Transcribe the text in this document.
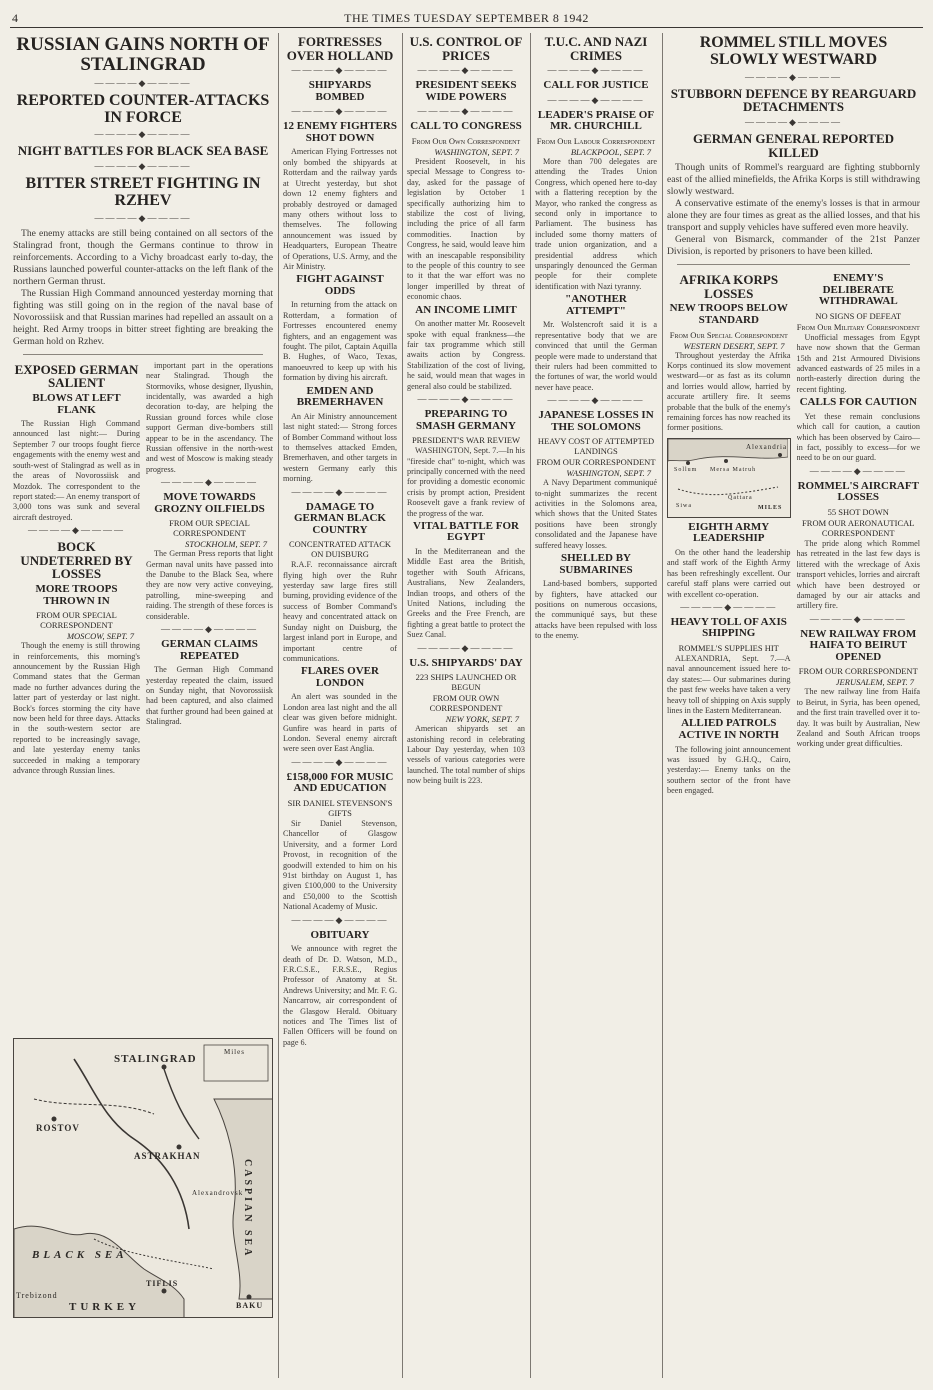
4	THE TIMES TUESDAY SEPTEMBER 8 1942
RUSSIAN GAINS NORTH OF STALINGRAD
————◆————
REPORTED COUNTER-ATTACKS IN FORCE
————◆————
NIGHT BATTLES FOR BLACK SEA BASE
————◆————
BITTER STREET FIGHTING IN RZHEV
————◆————

The enemy attacks are still being contained on all sectors of the Stalingrad front, though the Germans continue to throw in reinforcements. According to a Vichy broadcast early to-day, the Russians launched powerful counter-attacks on the left flank of the northern German thrust.

The Russian High Command announced yesterday morning that fighting was still going on in the region of the naval base of Novorossiisk and that Russian marines had repelled an assault on a height. Red Army troops in bitter street fighting are breaking the German hold on Rzhev.

EXPOSED GERMAN SALIENT
BLOWS AT LEFT FLANK

The Russian High Command announced last night:— During September 7 our troops fought fierce engagements with the enemy west and south-west of Stalingrad as well as in the areas of Novorossiisk and Mozdok. The correspondent to the report stated:— An enemy transport of 3,000 tons was sunk and several aircraft destroyed.

————◆————
BOCK UNDETERRED BY LOSSES
MORE TROOPS THROWN IN
FROM OUR SPECIAL CORRESPONDENT
MOSCOW, SEPT. 7

Though the enemy is still throwing in reinforcements, this morning's announcement by the Russian High Command states that the German made no further advances during the latter part of yesterday or last night. Bock's forces storming the city have now been held for three days. Attacks in the south-western sector are reported to be increasingly savage, and late yesterday enemy tanks succeeded in making a temporary advance through Russian lines.

important part in the operations near Stalingrad. Though the Stormoviks, whose designer, Ilyushin, incidentally, was awarded a high decoration to-day, are helping the Russian ground forces while close support German dive-bombers still appear to be in the ascendancy. The Russian offensive in the north-west and west of Moscow is making steady progress.

————◆————
MOVE TOWARDS GROZNY OILFIELDS
FROM OUR SPECIAL CORRESPONDENT
STOCKHOLM, SEPT. 7

The German Press reports that light German naval units have passed into the Danube to the Black Sea, where they are now very active conveying, patrolling, mine-sweeping and raiding. The strength of these forces is considerable.

————◆————
GERMAN CLAIMS REPEATED

The German High Command yesterday repeated the claim, issued on Sunday night, that Novorossiisk had been captured, and also claimed that further ground had been gained at Stalingrad.

STALINGRAD
ROSTOV
ASTRAKHAN
BLACK SEA	CASPIAN SEA
TURKEY	BAKU
TIFLIS
Trebizond
Alexandrovsk
Miles
FORTRESSES OVER HOLLAND
————◆————
SHIPYARDS BOMBED
————◆————
12 ENEMY FIGHTERS SHOT DOWN

American Flying Fortresses not only bombed the shipyards at Rotterdam and the railway yards at Utrecht yesterday, but shot down 12 enemy fighters and probably destroyed or damaged many others without loss to themselves. The following announcement was issued by Headquarters, European Theatre of Operations, U.S. Army, and the Air Ministry.

FIGHT AGAINST ODDS

In returning from the attack on Rotterdam, a formation of Fortresses encountered enemy fighters, and an engagement was fought. The pilot, Captain Aquilla B. Hughes, of Waco, Texas, manoeuvred to keep up with his formation by diving his aircraft.

EMDEN AND BREMERHAVEN

An Air Ministry announcement last night stated:— Strong forces of Bomber Command without loss to themselves attacked Emden, Bremerhaven, and other targets in western Germany early this morning.

————◆————
DAMAGE TO GERMAN BLACK COUNTRY
CONCENTRATED ATTACK ON DUISBURG

R.A.F. reconnaissance aircraft flying high over the Ruhr yesterday saw large fires still burning, providing evidence of the success of Bomber Command's heavy and concentrated attack on Sunday night on Duisburg, the largest inland port in Europe, and important centre of communications.

FLARES OVER LONDON

An alert was sounded in the London area last night and the all clear was given before midnight. Gunfire was heard in parts of London. Several enemy aircraft were seen over East Anglia.

————◆————
£158,000 FOR MUSIC AND EDUCATION
SIR DANIEL STEVENSON'S GIFTS

Sir Daniel Stevenson, Chancellor of Glasgow University, and a former Lord Provost, in recognition of the goodwill extended to him on his 91st birthday on August 1, has given £100,000 to the University and £50,000 to the Scottish National Academy of Music.

————◆————
OBITUARY

We announce with regret the death of Dr. D. Watson, M.D., F.R.C.S.E., F.R.S.E., Regius Professor of Anatomy at St. Andrews University; and Mr. F. G. Nancarrow, air correspondent of the Glasgow Herald. Obituary notices and The Times list of Fallen Officers will be found on page 6.

U.S. CONTROL OF PRICES
————◆————
PRESIDENT SEEKS WIDE POWERS
————◆————
CALL TO CONGRESS
From Our Own Correspondent
WASHINGTON, SEPT. 7

President Roosevelt, in his special Message to Congress to-day, asked for the passage of legislation by October 1 specifically authorizing him to stabilize the cost of living, including the price of all farm commodities. Inaction by Congress, he said, would leave him with an inescapable responsibility to the people of this country to see to it that the war effort was no longer imperilled by threat of economic chaos.

AN INCOME LIMIT

On another matter Mr. Roosevelt spoke with equal frankness—the fair tax programme which still awaits action by Congress. Stabilization of the cost of living, he said, would mean that wages in general also could be stabilized.

————◆————
PREPARING TO SMASH GERMANY
PRESIDENT'S WAR REVIEW

WASHINGTON, Sept. 7.—In his "fireside chat" to-night, which was principally concerned with the need for providing a domestic economic crisis by prompt action, President Roosevelt gave a frank review of the progress of the war.

VITAL BATTLE FOR EGYPT

In the Mediterranean and the Middle East area the British, together with South Africans, Australians, New Zealanders, Indian troops, and others of the United Nations, including the Greeks and the Free French, are fighting a great battle to protect the Suez Canal.

————◆————
U.S. SHIPYARDS' DAY
223 SHIPS LAUNCHED OR BEGUN
FROM OUR OWN CORRESPONDENT
NEW YORK, SEPT. 7

American shipyards set an astonishing record in celebrating Labour Day yesterday, when 103 vessels of various categories were launched. The total number of ships now being built is 223.

T.U.C. AND NAZI CRIMES
————◆————
CALL FOR JUSTICE
————◆————
LEADER'S PRAISE OF MR. CHURCHILL
From Our Labour Correspondent
BLACKPOOL, SEPT. 7

More than 700 delegates are attending the Trades Union Congress, which opened here to-day with a flattering reception by the Mayor, who ranked the congress as second only in importance to Parliament. The business has included some thorny matters of trade union organization, and a presidential address which unsparingly denounced the German people for their complete identification with Nazi tyranny.

"ANOTHER ATTEMPT"

Mr. Wolstencroft said it is a representative body that we are convinced that until the German people were made to understand that their rulers had been committed to the fortunes of war, the world would never have peace.

————◆————
JAPANESE LOSSES IN THE SOLOMONS
HEAVY COST OF ATTEMPTED LANDINGS
FROM OUR CORRESPONDENT
WASHINGTON, SEPT. 7

A Navy Department communiqué to-night summarizes the recent activities in the Solomons area, which shows that the United States positions have been strongly consolidated and the Japanese have suffered heavy losses.

SHELLED BY SUBMARINES

Land-based bombers, supported by fighters, have attacked our positions on numerous occasions, the communiqué says, but these attacks have been repulsed with loss to the enemy.

ROMMEL STILL MOVES SLOWLY WESTWARD
————◆————
STUBBORN DEFENCE BY REARGUARD DETACHMENTS
————◆————
GERMAN GENERAL REPORTED KILLED

Though units of Rommel's rearguard are fighting stubbornly east of the allied minefields, the Afrika Korps is still withdrawing slowly westward.

A conservative estimate of the enemy's losses is that in armour alone they are four times as great as the allied losses, and that his transport and supply vehicles have suffered even more heavily.

General von Bismarck, commander of the 21st Panzer Division, is reported by prisoners to have been killed.

AFRIKA KORPS LOSSES
NEW TROOPS BELOW STANDARD
From Our Special Correspondent
WESTERN DESERT, SEPT. 7

Throughout yesterday the Afrika Korps continued its slow movement westward—or as fast as its column and lorries would allow, harried by accurate artillery fire. It seems probable that the bulk of the enemy's remaining forces has now reached its former positions.

Alexandria
Sollum Mersa Matruh
Qattara
Siwa	MILES
EIGHTH ARMY LEADERSHIP

On the other hand the leadership and staff work of the Eighth Army has been refreshingly excellent. Our careful staff plans were carried out with excellent co-operation.

————◆————
HEAVY TOLL OF AXIS SHIPPING
ROMMEL'S SUPPLIES HIT

ALEXANDRIA, Sept. 7.—A naval announcement issued here to-day states:— Our submarines during the past few weeks have taken a very heavy toll of shipping on Axis supply lines in the Eastern Mediterranean.

ALLIED PATROLS ACTIVE IN NORTH

The following joint announcement was issued by G.H.Q., Cairo, yesterday:— Enemy tanks on the southern sector of the front have been engaged.

ENEMY'S DELIBERATE WITHDRAWAL
NO SIGNS OF DEFEAT
From Our Military Correspondent

Unofficial messages from Egypt have now shown that the German 15th and 21st Armoured Divisions advanced eastwards of 25 miles in a north-easterly direction during the recent fighting.

CALLS FOR CAUTION

Yet these remain conclusions which call for caution, a caution which has been observed by Cairo—in fact, possibly to excess—for we need to be on our guard.

————◆————
ROMMEL'S AIRCRAFT LOSSES
55 SHOT DOWN
FROM OUR AERONAUTICAL CORRESPONDENT

The pride along which Rommel has retreated in the last few days is littered with the wreckage of Axis transport vehicles, lorries and aircraft which have been destroyed or damaged by our air attacks and artillery fire.

————◆————
NEW RAILWAY FROM HAIFA TO BEIRUT OPENED
FROM OUR CORRESPONDENT
JERUSALEM, SEPT. 7

The new railway line from Haifa to Beirut, in Syria, has been opened, and the first train travelled over it to-day. It was built by Australian, New Zealand and South African troops working under great difficulties.
